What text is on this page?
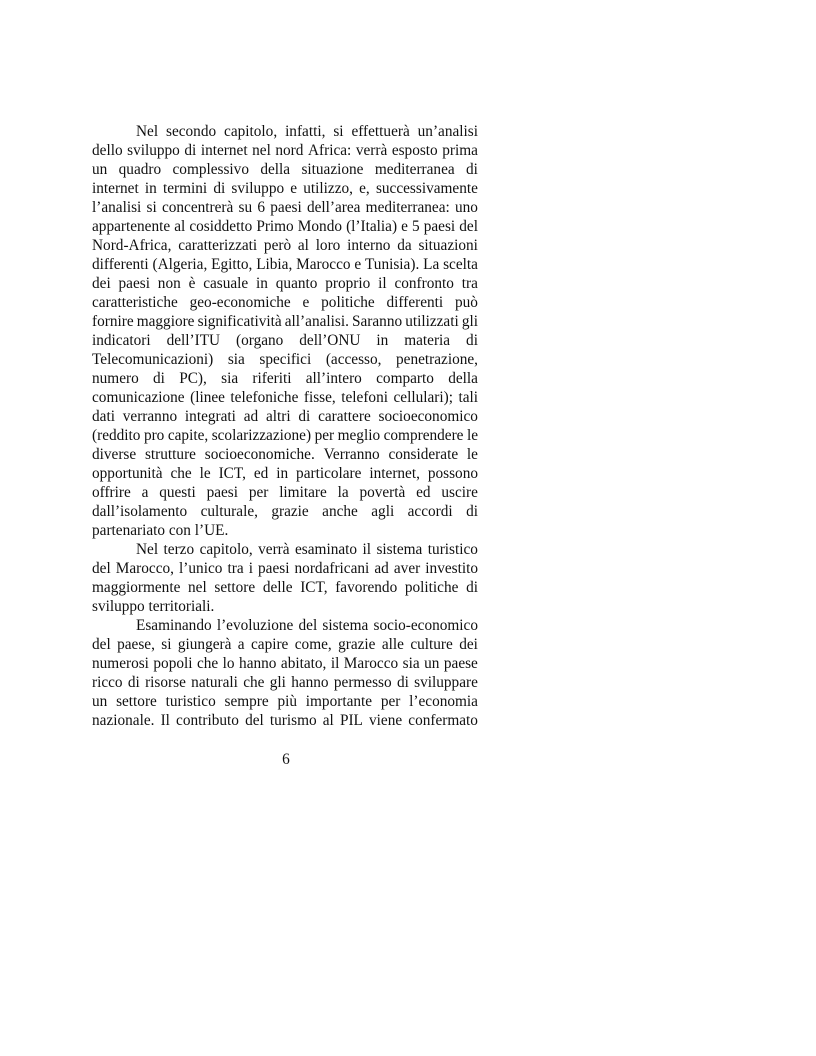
Nel secondo capitolo, infatti, si effettuerà un’analisi
dello sviluppo di internet nel nord Africa: verrà esposto prima
un quadro complessivo della situazione mediterranea di
internet in termini di sviluppo e utilizzo, e, successivamente
l’analisi si concentrerà su 6 paesi dell’area mediterranea: uno
appartenente al cosiddetto Primo Mondo (l’Italia) e 5 paesi del
Nord-Africa, caratterizzati però al loro interno da situazioni
differenti (Algeria, Egitto, Libia, Marocco e Tunisia). La scelta
dei paesi non è casuale in quanto proprio il confronto tra
caratteristiche geo-economiche e politiche differenti può
fornire maggiore significatività all’analisi. Saranno utilizzati gli
indicatori dell’ITU (organo dell’ONU in materia di
Telecomunicazioni) sia specifici (accesso, penetrazione,
numero di PC), sia riferiti all’intero comparto della
comunicazione (linee telefoniche fisse, telefoni cellulari); tali
dati verranno integrati ad altri di carattere socioeconomico
(reddito pro capite, scolarizzazione) per meglio comprendere le
diverse strutture socioeconomiche. Verranno considerate le
opportunità che le ICT, ed in particolare internet, possono
offrire a questi paesi per limitare la povertà ed uscire
dall’isolamento culturale, grazie anche agli accordi di
partenariato con l’UE.
Nel terzo capitolo, verrà esaminato il sistema turistico
del Marocco, l’unico tra i paesi nordafricani ad aver investito
maggiormente nel settore delle ICT, favorendo politiche di
sviluppo territoriali.
Esaminando l’evoluzione del sistema socio-economico
del paese, si giungerà a capire come, grazie alle culture dei
numerosi popoli che lo hanno abitato, il Marocco sia un paese
ricco di risorse naturali che gli hanno permesso di sviluppare
un settore turistico sempre più importante per l’economia
nazionale. Il contributo del turismo al PIL viene confermato
6
